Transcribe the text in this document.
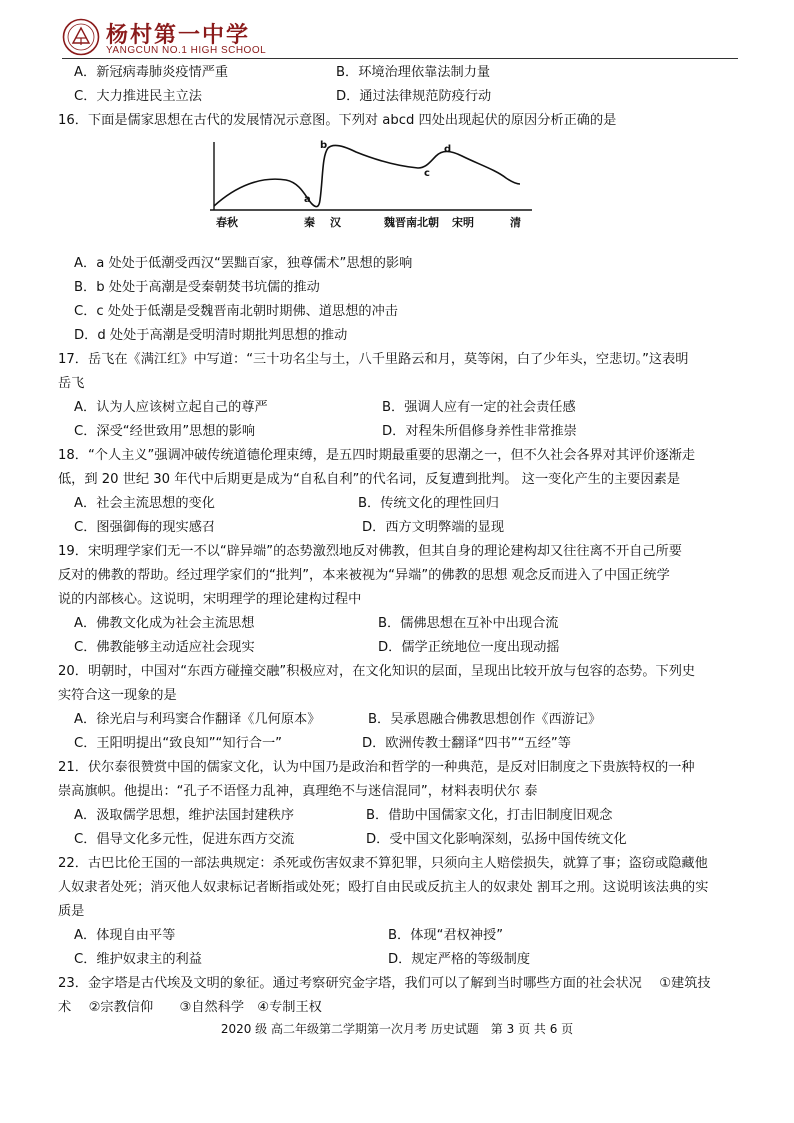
杨村第一中学
YANGCUN NO.1 HIGH SCHOOL
A．新冠病毒肺炎疫情严重	B．环境治理依靠法制力量
C．大力推进民主立法	D．通过法律规范防疫行动
16．下面是儒家思想在古代的发展情况示意图。下列对 abcd 四处出现起伏的原因分析正确的是
a
b
c
d
春秋	秦 汉	魏晋南北朝 宋明	清
A．a 处处于低潮受西汉“罢黜百家，独尊儒术”思想的影响
B．b 处处于高潮是受秦朝焚书坑儒的推动
C．c 处处于低潮是受魏晋南北朝时期佛、道思想的冲击
D．d 处处于高潮是受明清时期批判思想的推动
17．岳飞在《满江红》中写道：“三十功名尘与土，八千里路云和月，莫等闲，白了少年头，空悲切。”这表明
岳飞
A．认为人应该树立起自己的尊严	B．强调人应有一定的社会责任感
C．深受“经世致用”思想的影响	D．对程朱所倡修身养性非常推崇
18．“个人主义”强调冲破传统道德伦理束缚，是五四时期最重要的思潮之一，但不久社会各界对其评价逐渐走
低，到 20 世纪 30 年代中后期更是成为“自私自利”的代名词，反复遭到批判。 这一变化产生的主要因素是
A．社会主流思想的变化	B．传统文化的理性回归
C．图强御侮的现实感召	D．西方文明弊端的显现
19．宋明理学家们无一不以“辟异端”的态势激烈地反对佛教，但其自身的理论建构却又往往离不开自己所要
反对的佛教的帮助。经过理学家们的“批判”，本来被视为“异端”的佛教的思想 观念反而进入了中国正统学
说的内部核心。这说明，宋明理学的理论建构过程中
A．佛教文化成为社会主流思想	B．儒佛思想在互补中出现合流
C．佛教能够主动适应社会现实	D．儒学正统地位一度出现动摇
20．明朝时，中国对“东西方碰撞交融”积极应对，在文化知识的层面，呈现出比较开放与包容的态势。下列史
实符合这一现象的是
A．徐光启与利玛窦合作翻译《几何原本》	B．吴承恩融合佛教思想创作《西游记》
C．王阳明提出“致良知”“知行合一”	D．欧洲传教士翻译“四书”“五经”等
21．伏尔泰很赞赏中国的儒家文化，认为中国乃是政治和哲学的一种典范，是反对旧制度之下贵族特权的一种
崇高旗帜。他提出：“孔子不语怪力乱神，真理绝不与迷信混同”，材料表明伏尔 泰
A．汲取儒学思想，维护法国封建秩序	B．借助中国儒家文化，打击旧制度旧观念
C．倡导文化多元性，促进东西方交流	D．受中国文化影响深刻，弘扬中国传统文化
22．古巴比伦王国的一部法典规定：杀死或伤害奴隶不算犯罪，只须向主人赔偿损失，就算了事；盗窃或隐藏他
人奴隶者处死；消灭他人奴隶标记者断指或处死；殴打自由民或反抗主人的奴隶处 割耳之刑。这说明该法典的实
质是
A．体现自由平等	B．体现“君权神授”
C．维护奴隶主的利益	D．规定严格的等级制度
23．金字塔是古代埃及文明的象征。通过考察研究金字塔，我们可以了解到当时哪些方面的社会状况　 ①建筑技
术　 ②宗教信仰　　③自然科学　④专制王权
2020 级 高二年级第二学期第一次月考 历史试题　第 3 页 共 6 页
